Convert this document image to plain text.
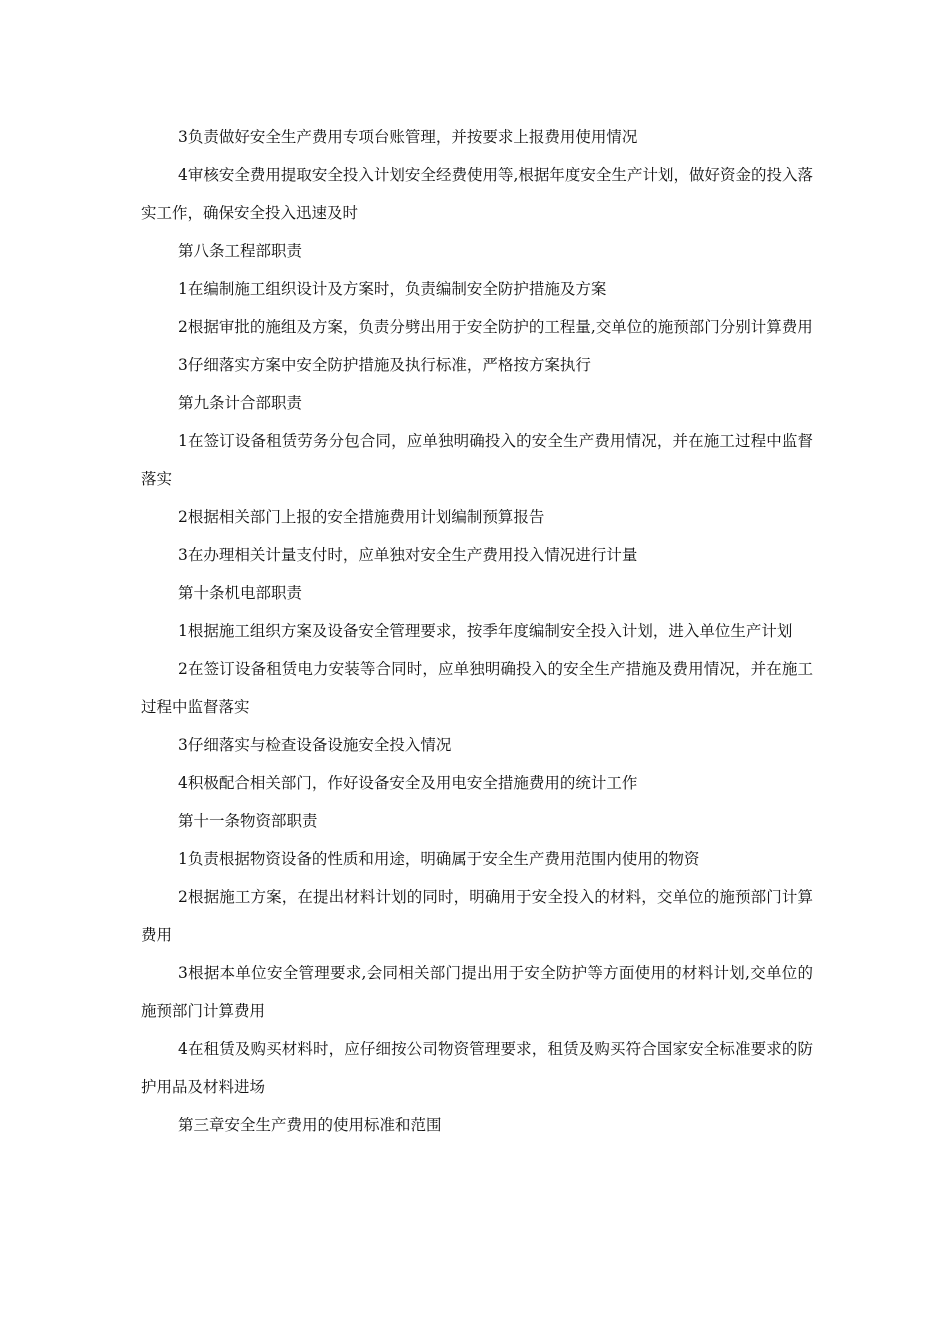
3负责做好安全生产费用专项台账管理，并按要求上报费用使用情况

4审核安全费用提取安全投入计划安全经费使用等,根据年度安全生产计划，做好资金的投入落实工作，确保安全投入迅速及时

第八条工程部职责

1在编制施工组织设计及方案时，负责编制安全防护措施及方案

2根据审批的施组及方案，负责分劈出用于安全防护的工程量,交单位的施预部门分别计算费用

3仔细落实方案中安全防护措施及执行标准，严格按方案执行

第九条计合部职责

1在签订设备租赁劳务分包合同，应单独明确投入的安全生产费用情况，并在施工过程中监督落实

2根据相关部门上报的安全措施费用计划编制预算报告

3在办理相关计量支付时，应单独对安全生产费用投入情况进行计量

第十条机电部职责

1根据施工组织方案及设备安全管理要求，按季年度编制安全投入计划，进入单位生产计划

2在签订设备租赁电力安装等合同时，应单独明确投入的安全生产措施及费用情况，并在施工过程中监督落实

3仔细落实与检查设备设施安全投入情况

4积极配合相关部门，作好设备安全及用电安全措施费用的统计工作

第十一条物资部职责

1负责根据物资设备的性质和用途，明确属于安全生产费用范围内使用的物资

2根据施工方案，在提出材料计划的同时，明确用于安全投入的材料，交单位的施预部门计算费用

3根据本单位安全管理要求,会同相关部门提出用于安全防护等方面使用的材料计划,交单位的施预部门计算费用

4在租赁及购买材料时，应仔细按公司物资管理要求，租赁及购买符合国家安全标准要求的防护用品及材料进场

第三章安全生产费用的使用标准和范围
